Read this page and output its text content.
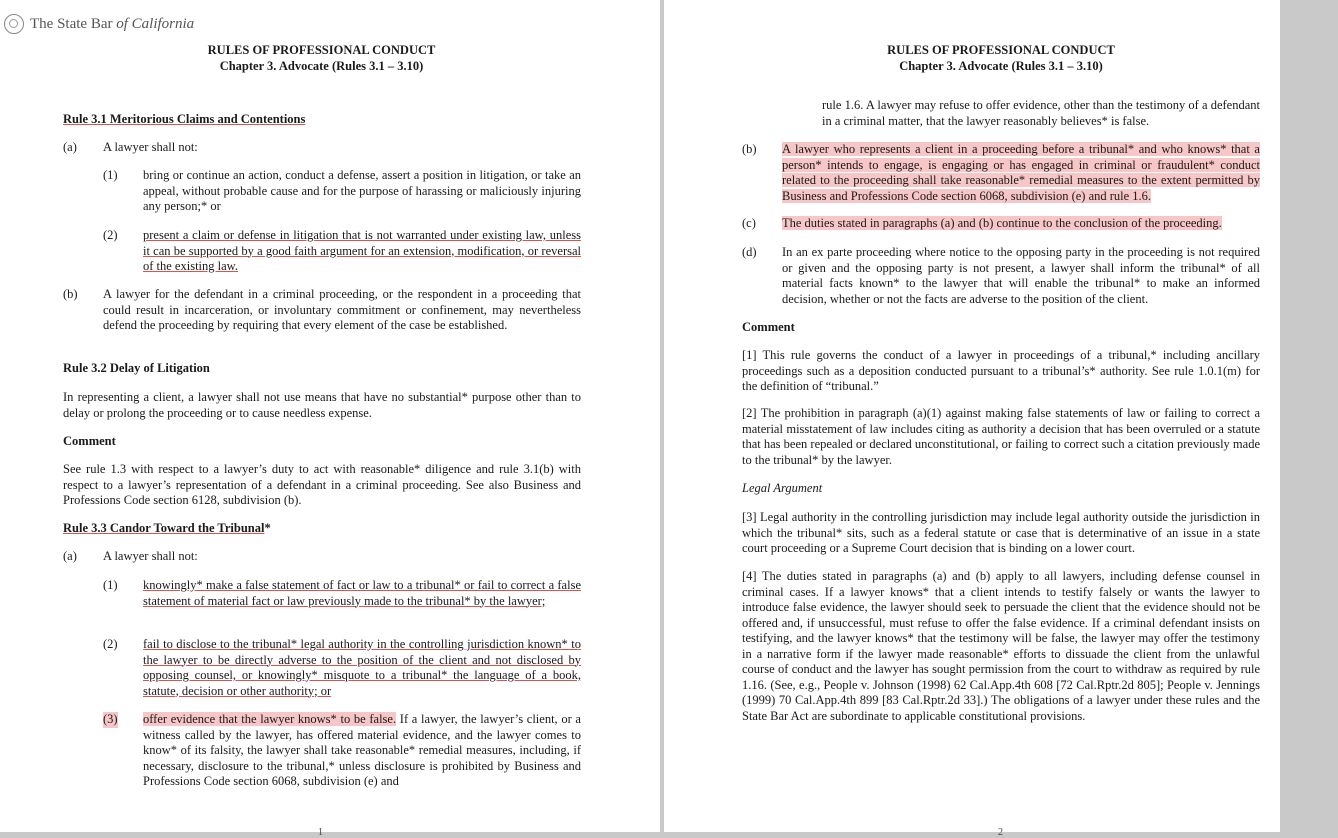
The State Bar
of California
RULES OF PROFESSIONAL CONDUCT
Chapter 3. Advocate (Rules 3.1 – 3.10)
Rule 3.1 Meritorious Claims and Contentions
(a) A lawyer shall not:
(1) bring or continue an action, conduct a defense, assert a position in litigation, or take an appeal, without probable cause and for the purpose of harassing or maliciously injuring any person;* or
(2) present a claim or defense in litigation that is not warranted under existing law, unless it can be supported by a good faith argument for an extension, modification, or reversal of the existing law.
(b) A lawyer for the defendant in a criminal proceeding, or the respondent in a proceeding that could result in incarceration, or involuntary commitment or confinement, may nevertheless defend the proceeding by requiring that every element of the case be established.
Rule 3.2 Delay of Litigation
In representing a client, a lawyer shall not use means that have no substantial* purpose other than to delay or prolong the proceeding or to cause needless expense.
Comment
See rule 1.3 with respect to a lawyer’s duty to act with reasonable* diligence and rule 3.1(b) with respect to a lawyer’s representation of a defendant in a criminal proceeding. See also Business and Professions Code section 6128, subdivision (b).
Rule 3.3 Candor Toward the Tribunal*
(a) A lawyer shall not:
(1) knowingly* make a false statement of fact or law to a tribunal* or fail to correct a false statement of material fact or law previously made to the tribunal* by the lawyer;
(2) fail to disclose to the tribunal* legal authority in the controlling jurisdiction known* to the lawyer to be directly adverse to the position of the client and not disclosed by opposing counsel, or knowingly* misquote to a tribunal* the language of a book, statute, decision or other authority; or
(3) offer evidence that the lawyer knows* to be false. If a lawyer, the lawyer’s client, or a witness called by the lawyer, has offered material evidence, and the lawyer comes to know* of its falsity, the lawyer shall take reasonable* remedial measures, including, if necessary, disclosure to the tribunal,* unless disclosure is prohibited by Business and Professions Code section 6068, subdivision (e) and
1
RULES OF PROFESSIONAL CONDUCT
Chapter 3. Advocate (Rules 3.1 – 3.10)
rule 1.6. A lawyer may refuse to offer evidence, other than the testimony of a defendant in a criminal matter, that the lawyer reasonably believes* is false.
(b) A lawyer who represents a client in a proceeding before a tribunal* and who knows* that a person* intends to engage, is engaging or has engaged in criminal or fraudulent* conduct related to the proceeding shall take reasonable* remedial measures to the extent permitted by Business and Professions Code section 6068, subdivision (e) and rule 1.6.
(c) The duties stated in paragraphs (a) and (b) continue to the conclusion of the proceeding.
(d) In an ex parte proceeding where notice to the opposing party in the proceeding is not required or given and the opposing party is not present, a lawyer shall inform the tribunal* of all material facts known* to the lawyer that will enable the tribunal* to make an informed decision, whether or not the facts are adverse to the position of the client.
Comment
[1] This rule governs the conduct of a lawyer in proceedings of a tribunal,* including ancillary proceedings such as a deposition conducted pursuant to a tribunal’s* authority. See rule 1.0.1(m) for the definition of “tribunal.”
[2] The prohibition in paragraph (a)(1) against making false statements of law or failing to correct a material misstatement of law includes citing as authority a decision that has been overruled or a statute that has been repealed or declared unconstitutional, or failing to correct such a citation previously made to the tribunal* by the lawyer.
Legal Argument
[3] Legal authority in the controlling jurisdiction may include legal authority outside the jurisdiction in which the tribunal* sits, such as a federal statute or case that is determinative of an issue in a state court proceeding or a Supreme Court decision that is binding on a lower court.
[4] The duties stated in paragraphs (a) and (b) apply to all lawyers, including defense counsel in criminal cases. If a lawyer knows* that a client intends to testify falsely or wants the lawyer to introduce false evidence, the lawyer should seek to persuade the client that the evidence should not be offered and, if unsuccessful, must refuse to offer the false evidence. If a criminal defendant insists on testifying, and the lawyer knows* that the testimony will be false, the lawyer may offer the testimony in a narrative form if the lawyer made reasonable* efforts to dissuade the client from the unlawful course of conduct and the lawyer has sought permission from the court to withdraw as required by rule 1.16. (See, e.g., People v. Johnson (1998) 62 Cal.App.4th 608 [72 Cal.Rptr.2d 805]; People v. Jennings (1999) 70 Cal.App.4th 899 [83 Cal.Rptr.2d 33].) The obligations of a lawyer under these rules and the State Bar Act are subordinate to applicable constitutional provisions.
2
